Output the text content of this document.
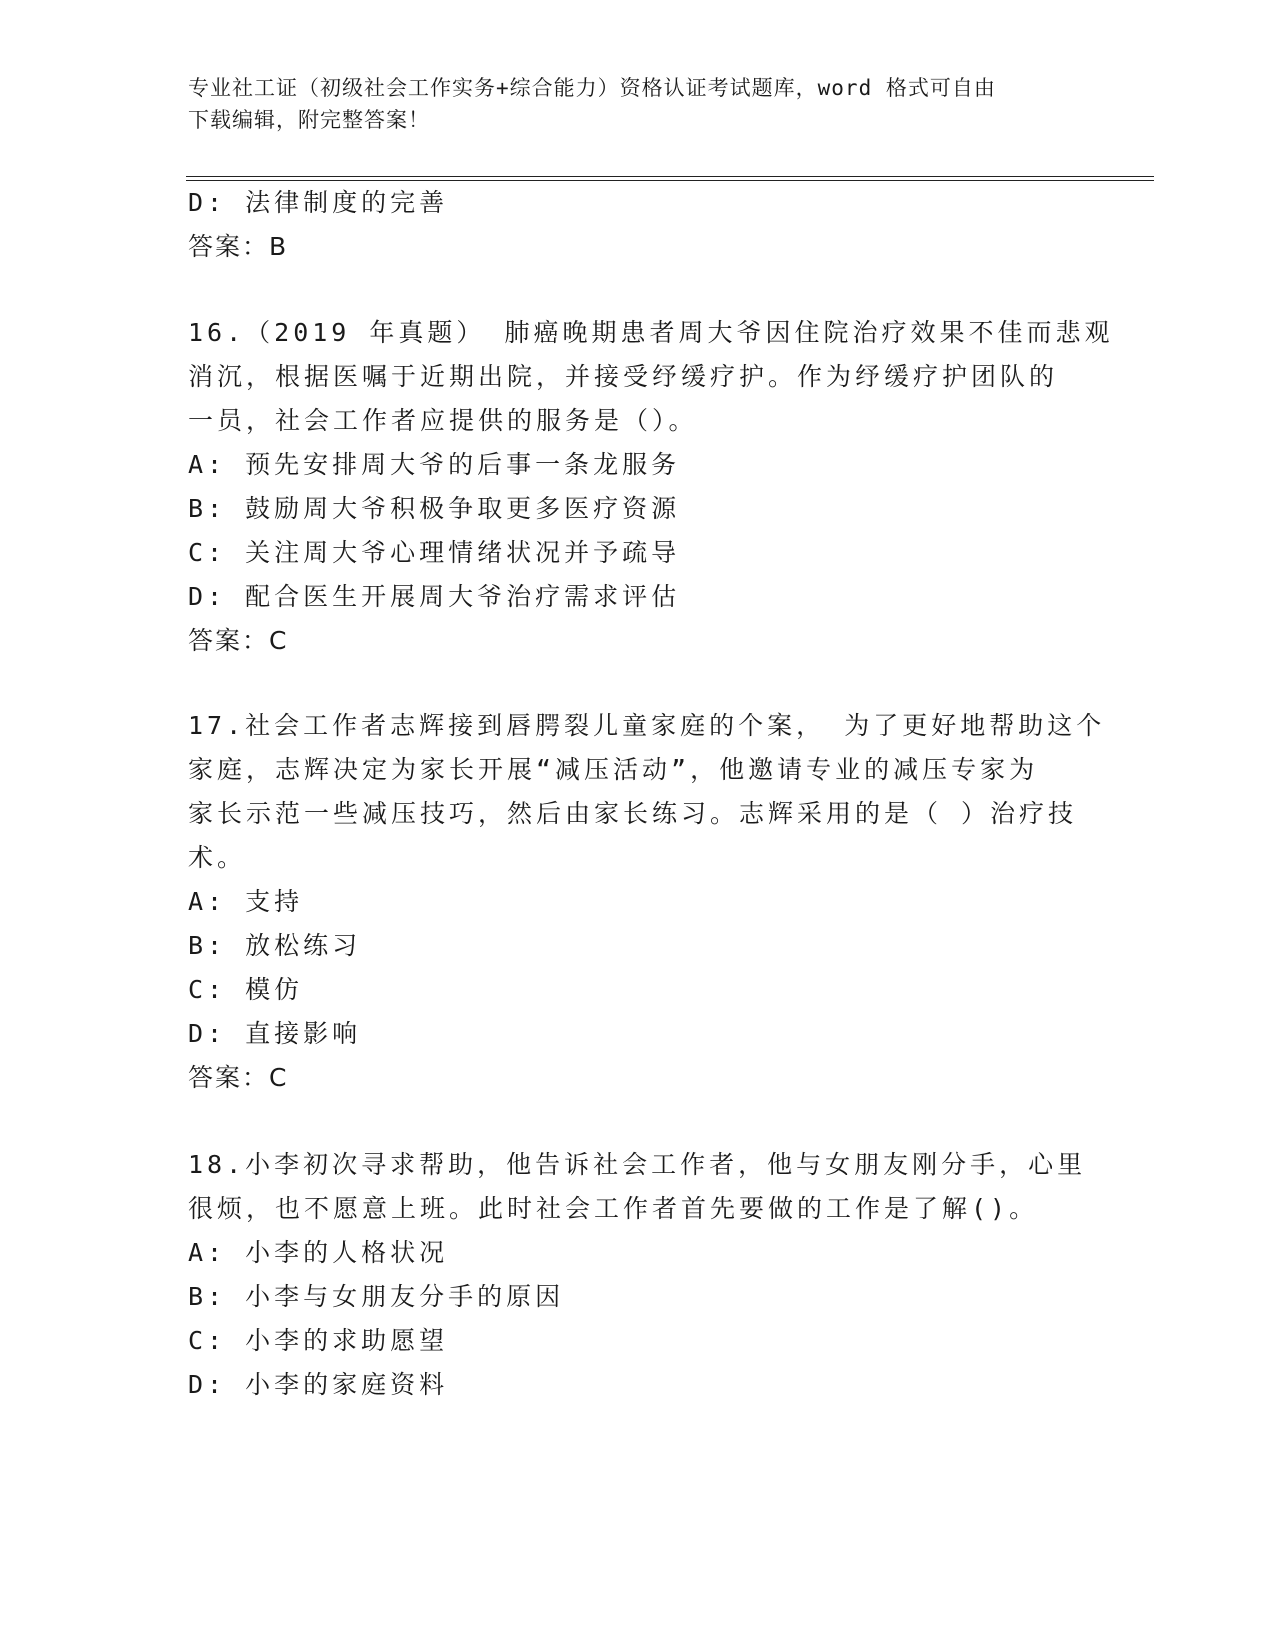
专业社工证（初级社会工作实务+综合能力）资格认证考试题库，word 格式可自由
下载编辑，附完整答案！
D: 法律制度的完善
答案：B
16.（2019 年真题） 肺癌晚期患者周大爷因住院治疗效果不佳而悲观
消沉，根据医嘱于近期出院，并接受纾缓疗护。作为纾缓疗护团队的
一员，社会工作者应提供的服务是（）。
A: 预先安排周大爷的后事一条龙服务
B: 鼓励周大爷积极争取更多医疗资源
C: 关注周大爷心理情绪状况并予疏导
D: 配合医生开展周大爷治疗需求评估
答案：C
17.社会工作者志辉接到唇腭裂儿童家庭的个案， 为了更好地帮助这个
家庭，志辉决定为家长开展“减压活动”，他邀请专业的减压专家为
家长示范一些减压技巧，然后由家长练习。志辉采用的是（ ）治疗技
术。
A: 支持
B: 放松练习
C: 模仿
D: 直接影响
答案：C
18.小李初次寻求帮助，他告诉社会工作者，他与女朋友刚分手，心里
很烦，也不愿意上班。此时社会工作者首先要做的工作是了解()。
A: 小李的人格状况
B: 小李与女朋友分手的原因
C: 小李的求助愿望
D: 小李的家庭资料
